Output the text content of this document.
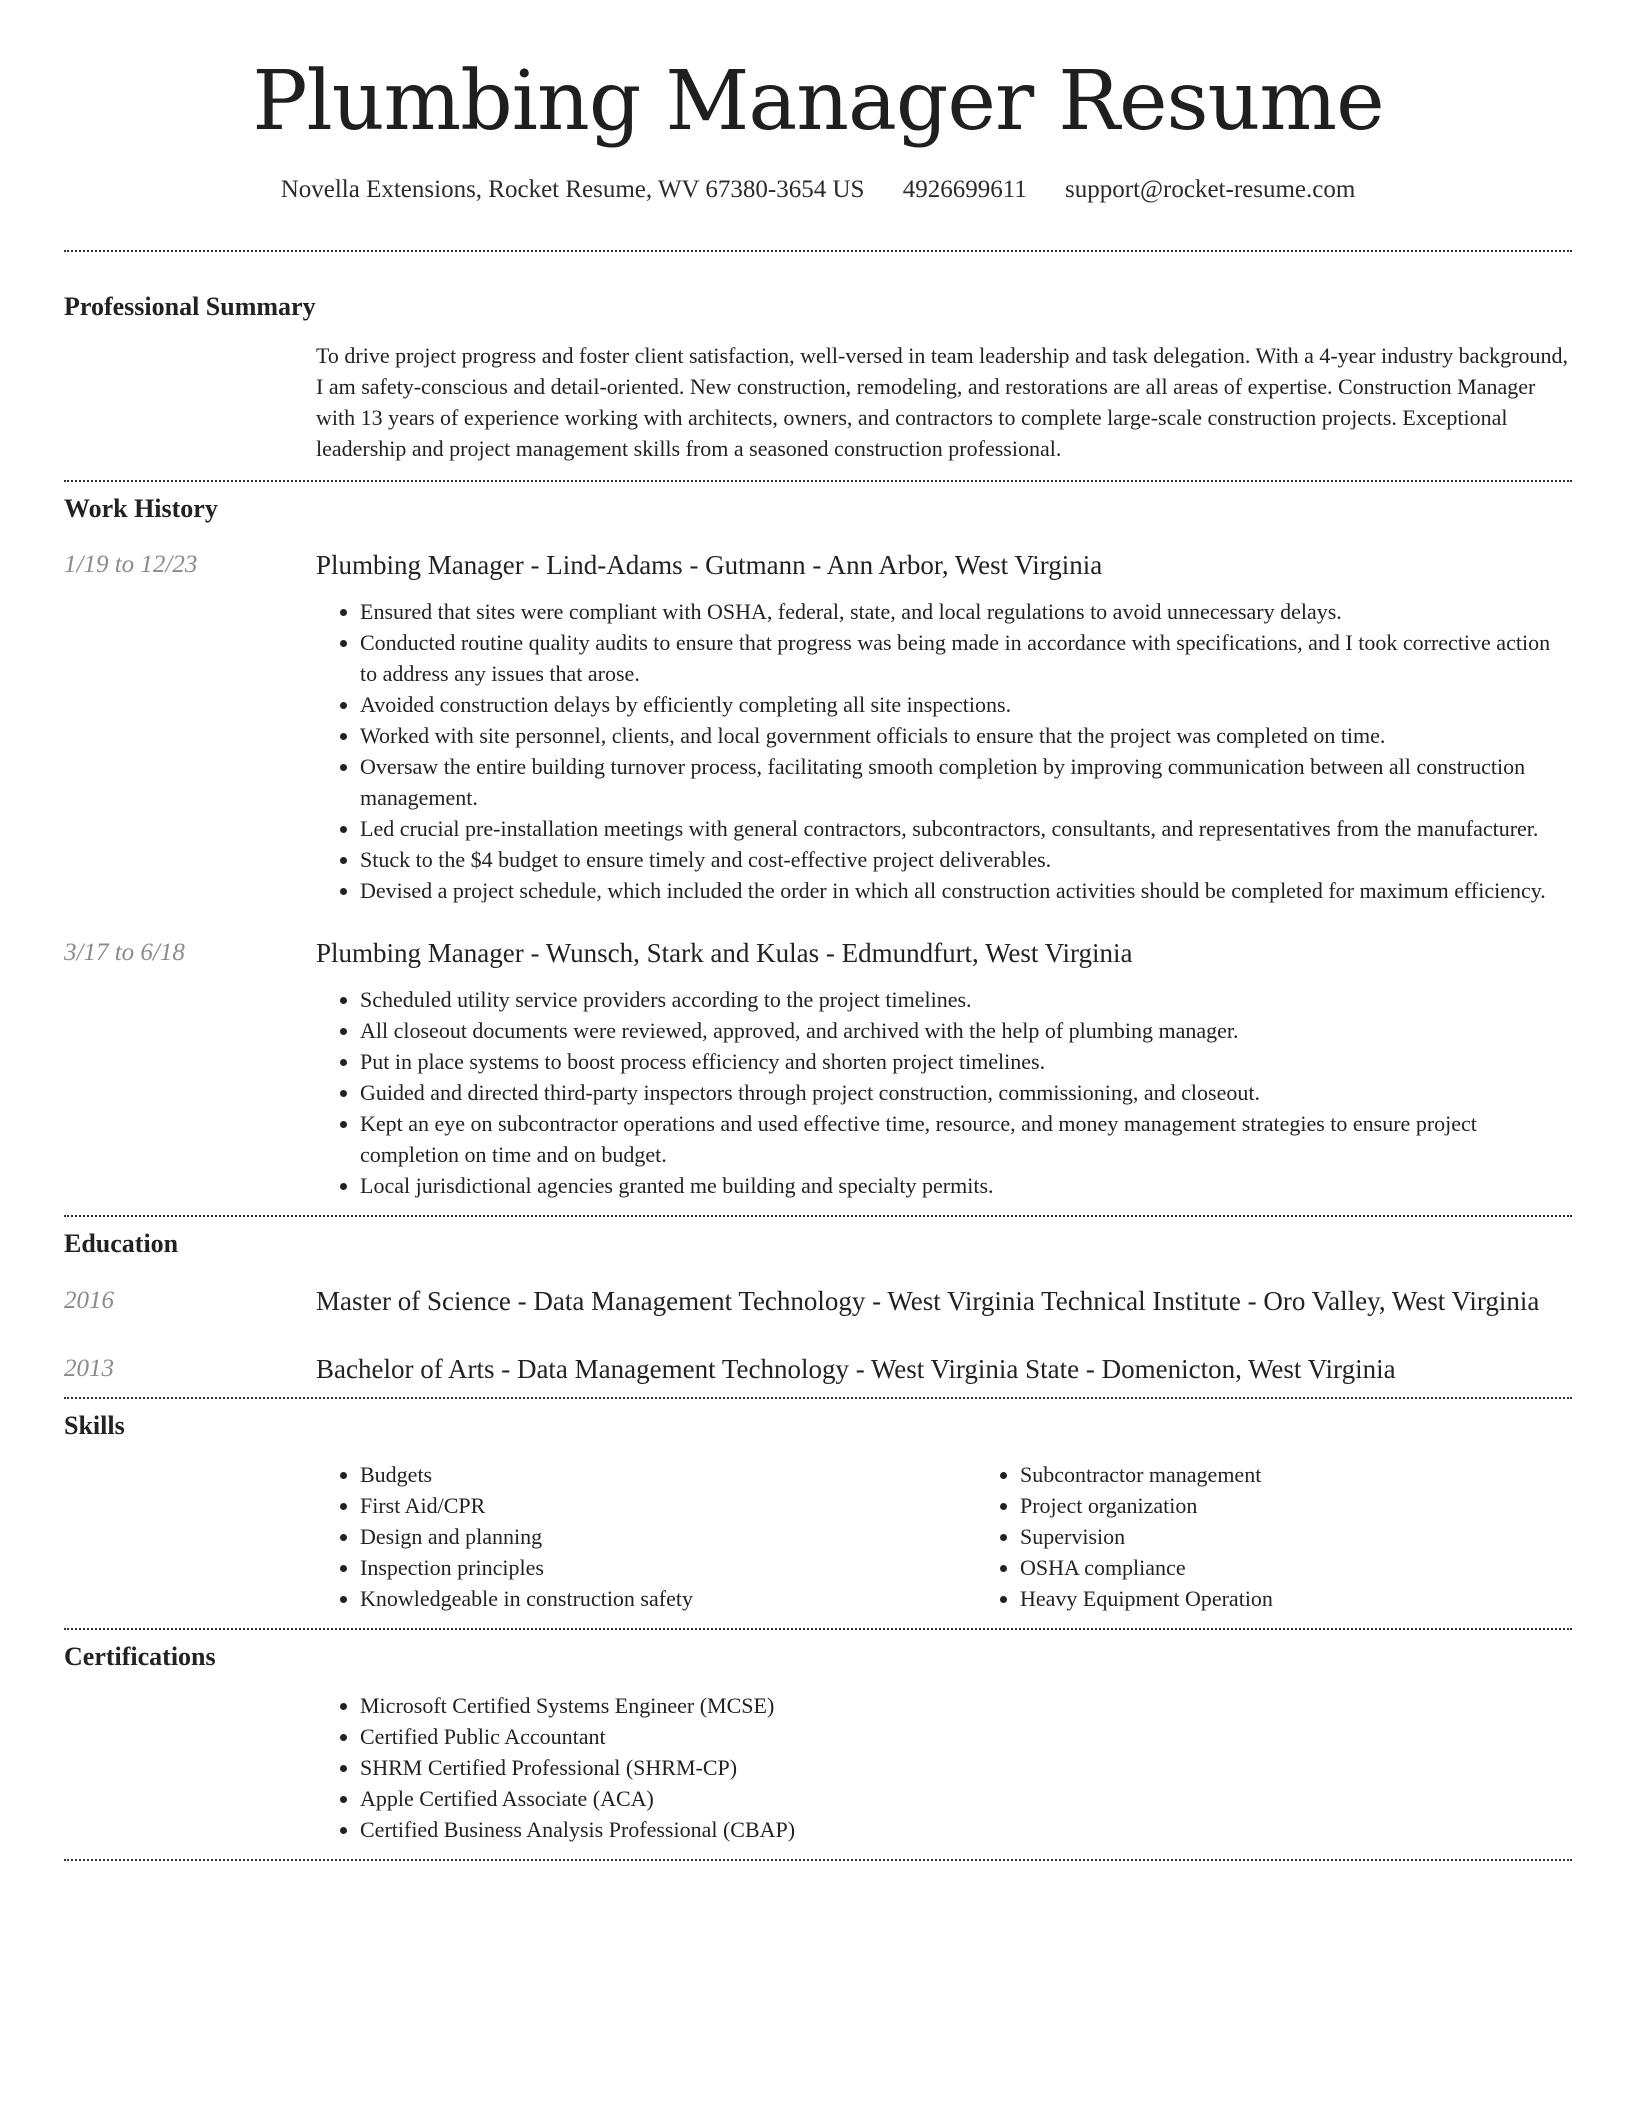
Plumbing Manager Resume
Novella Extensions, Rocket Resume, WV 67380-3654 US 4926699611 support@rocket-resume.com
Professional Summary

To drive project progress and foster client satisfaction, well-versed in team leadership and task delegation. With a 4-year industry background, I am safety-conscious and detail-oriented. New construction, remodeling, and restorations are all areas of expertise. Construction Manager with 13 years of experience working with architects, owners, and contractors to complete large-scale construction projects. Exceptional leadership and project management skills from a seasoned construction professional.

Work History
1/19 to 12/23	Plumbing Manager - Lind-Adams - Gutmann - Ann Arbor, West Virginia

• Ensured that sites were compliant with OSHA, federal, state, and local regulations to avoid unnecessary delays.
• Conducted routine quality audits to ensure that progress was being made in accordance with specifications, and I took corrective action to address any issues that arose.
• Avoided construction delays by efficiently completing all site inspections.
• Worked with site personnel, clients, and local government officials to ensure that the project was completed on time.
• Oversaw the entire building turnover process, facilitating smooth completion by improving communication between all construction management.
• Led crucial pre-installation meetings with general contractors, subcontractors, consultants, and representatives from the manufacturer.
• Stuck to the $4 budget to ensure timely and cost-effective project deliverables.
• Devised a project schedule, which included the order in which all construction activities should be completed for maximum efficiency.
3/17 to 6/18	Plumbing Manager - Wunsch, Stark and Kulas - Edmundfurt, West Virginia

• Scheduled utility service providers according to the project timelines.
• All closeout documents were reviewed, approved, and archived with the help of plumbing manager.
• Put in place systems to boost process efficiency and shorten project timelines.
• Guided and directed third-party inspectors through project construction, commissioning, and closeout.
• Kept an eye on subcontractor operations and used effective time, resource, and money management strategies to ensure project completion on time and on budget.
• Local jurisdictional agencies granted me building and specialty permits.
Education
2016	Master of Science - Data Management Technology - West Virginia Technical Institute - Oro Valley, West Virginia

2013	Bachelor of Arts - Data Management Technology - West Virginia State - Domenicton, West Virginia

Skills
• Budgets
• First Aid/CPR
• Design and planning
• Inspection principles
• Knowledgeable in construction safety
• Subcontractor management
• Project organization
• Supervision
• OSHA compliance
• Heavy Equipment Operation
Certifications
• Microsoft Certified Systems Engineer (MCSE)
• Certified Public Accountant
• SHRM Certified Professional (SHRM-CP)
• Apple Certified Associate (ACA)
• Certified Business Analysis Professional (CBAP)
